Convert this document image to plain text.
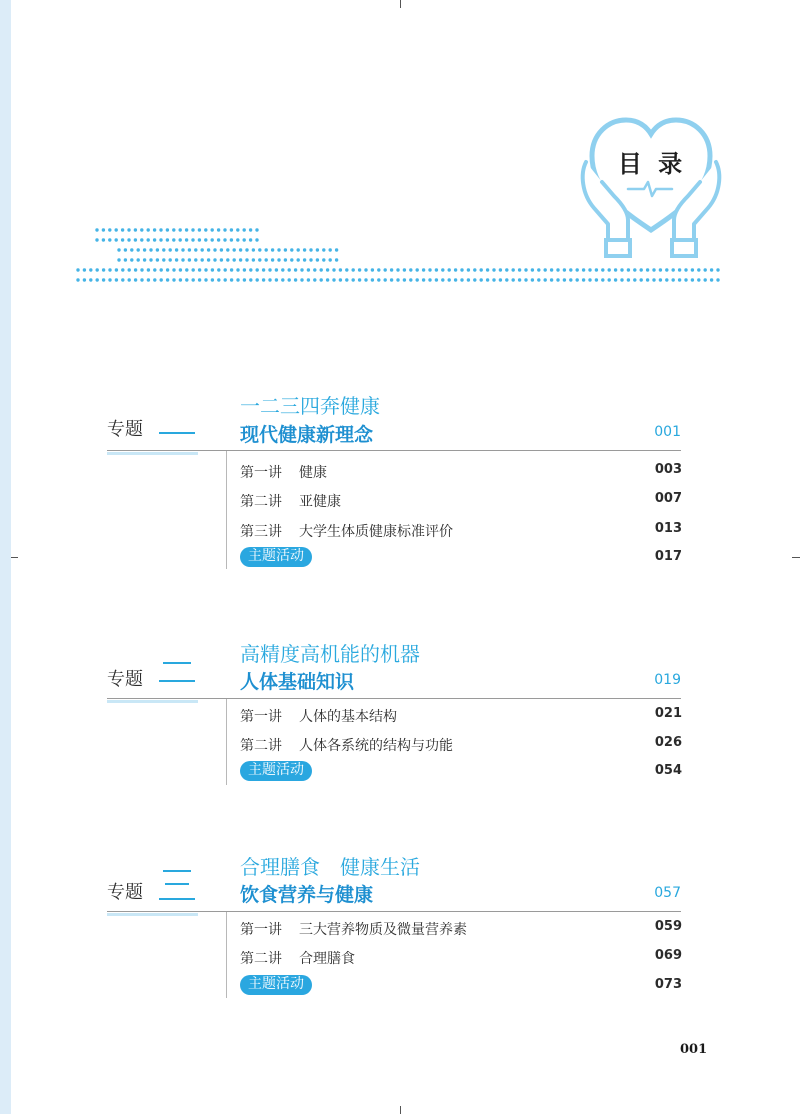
目 录
一二三四奔健康
专题	现代健康新理念	001
第一讲 健康	003
第二讲 亚健康	007
第三讲 大学生体质健康标准评价	013
主题活动	017
高精度高机能的机器
专题	人体基础知识	019
第一讲 人体的基本结构	021
第二讲 人体各系统的结构与功能	026
主题活动	054
合理膳食　健康生活
专题	饮食营养与健康	057
第一讲 三大营养物质及微量营养素	059
第二讲 合理膳食	069
主题活动	073
001
